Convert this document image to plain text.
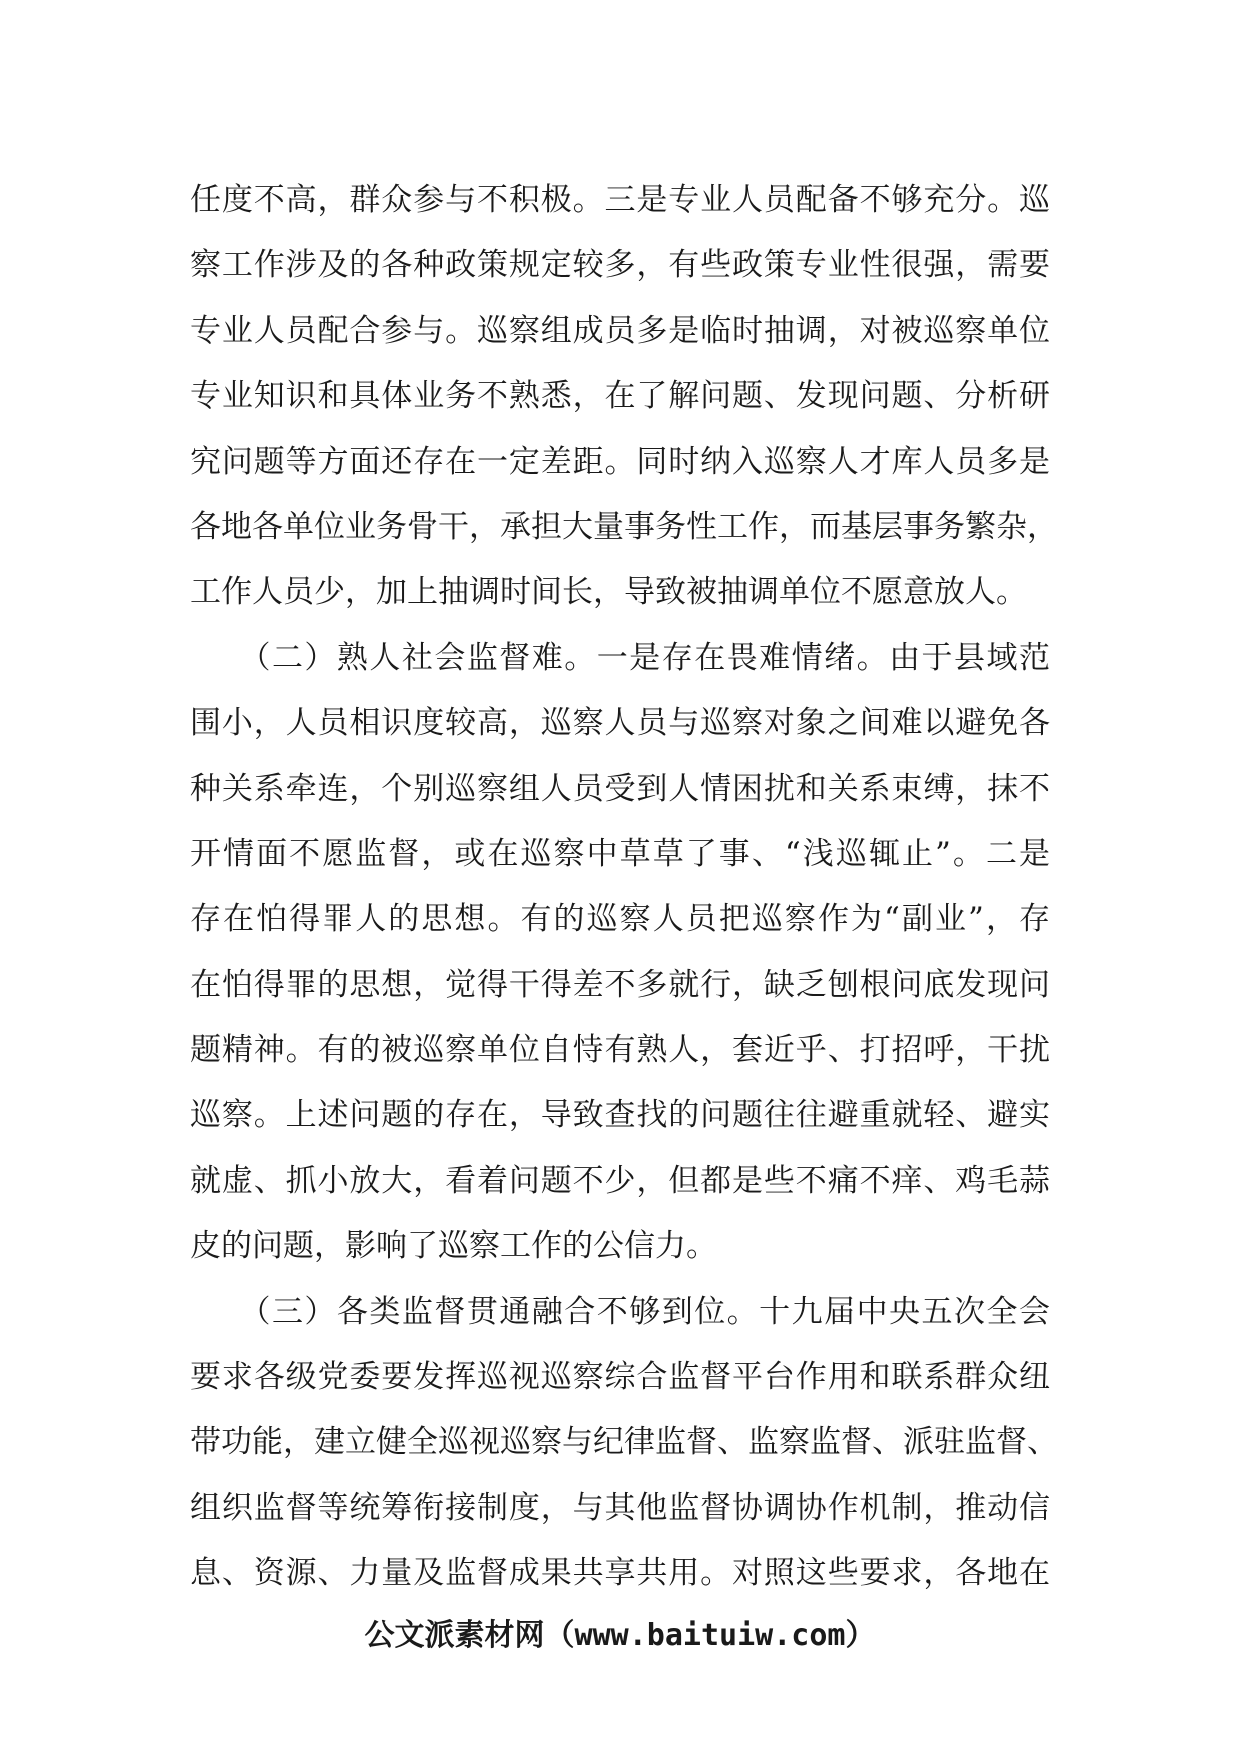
任度不高，群众参与不积极。三是专业人员配备不够充分。巡
察工作涉及的各种政策规定较多，有些政策专业性很强，需要
专业人员配合参与。巡察组成员多是临时抽调，对被巡察单位
专业知识和具体业务不熟悉，在了解问题、发现问题、分析研
究问题等方面还存在一定差距。同时纳入巡察人才库人员多是
各地各单位业务骨干，承担大量事务性工作，而基层事务繁杂，
工作人员少，加上抽调时间长，导致被抽调单位不愿意放人。
　　（二）熟人社会监督难。一是存在畏难情绪。由于县域范
围小，人员相识度较高，巡察人员与巡察对象之间难以避免各
种关系牵连，个别巡察组人员受到人情困扰和关系束缚，抹不
开情面不愿监督，或在巡察中草草了事、“浅巡辄止”。二是
存在怕得罪人的思想。有的巡察人员把巡察作为“副业”，存
在怕得罪的思想，觉得干得差不多就行，缺乏刨根问底发现问
题精神。有的被巡察单位自恃有熟人，套近乎、打招呼，干扰
巡察。上述问题的存在，导致查找的问题往往避重就轻、避实
就虚、抓小放大，看着问题不少，但都是些不痛不痒、鸡毛蒜
皮的问题，影响了巡察工作的公信力。
　　（三）各类监督贯通融合不够到位。十九届中央五次全会
要求各级党委要发挥巡视巡察综合监督平台作用和联系群众纽
带功能，建立健全巡视巡察与纪律监督、监察监督、派驻监督、
组织监督等统筹衔接制度，与其他监督协调协作机制，推动信
息、资源、力量及监督成果共享共用。对照这些要求，各地在
公文派素材网（www.baituiw.com）
